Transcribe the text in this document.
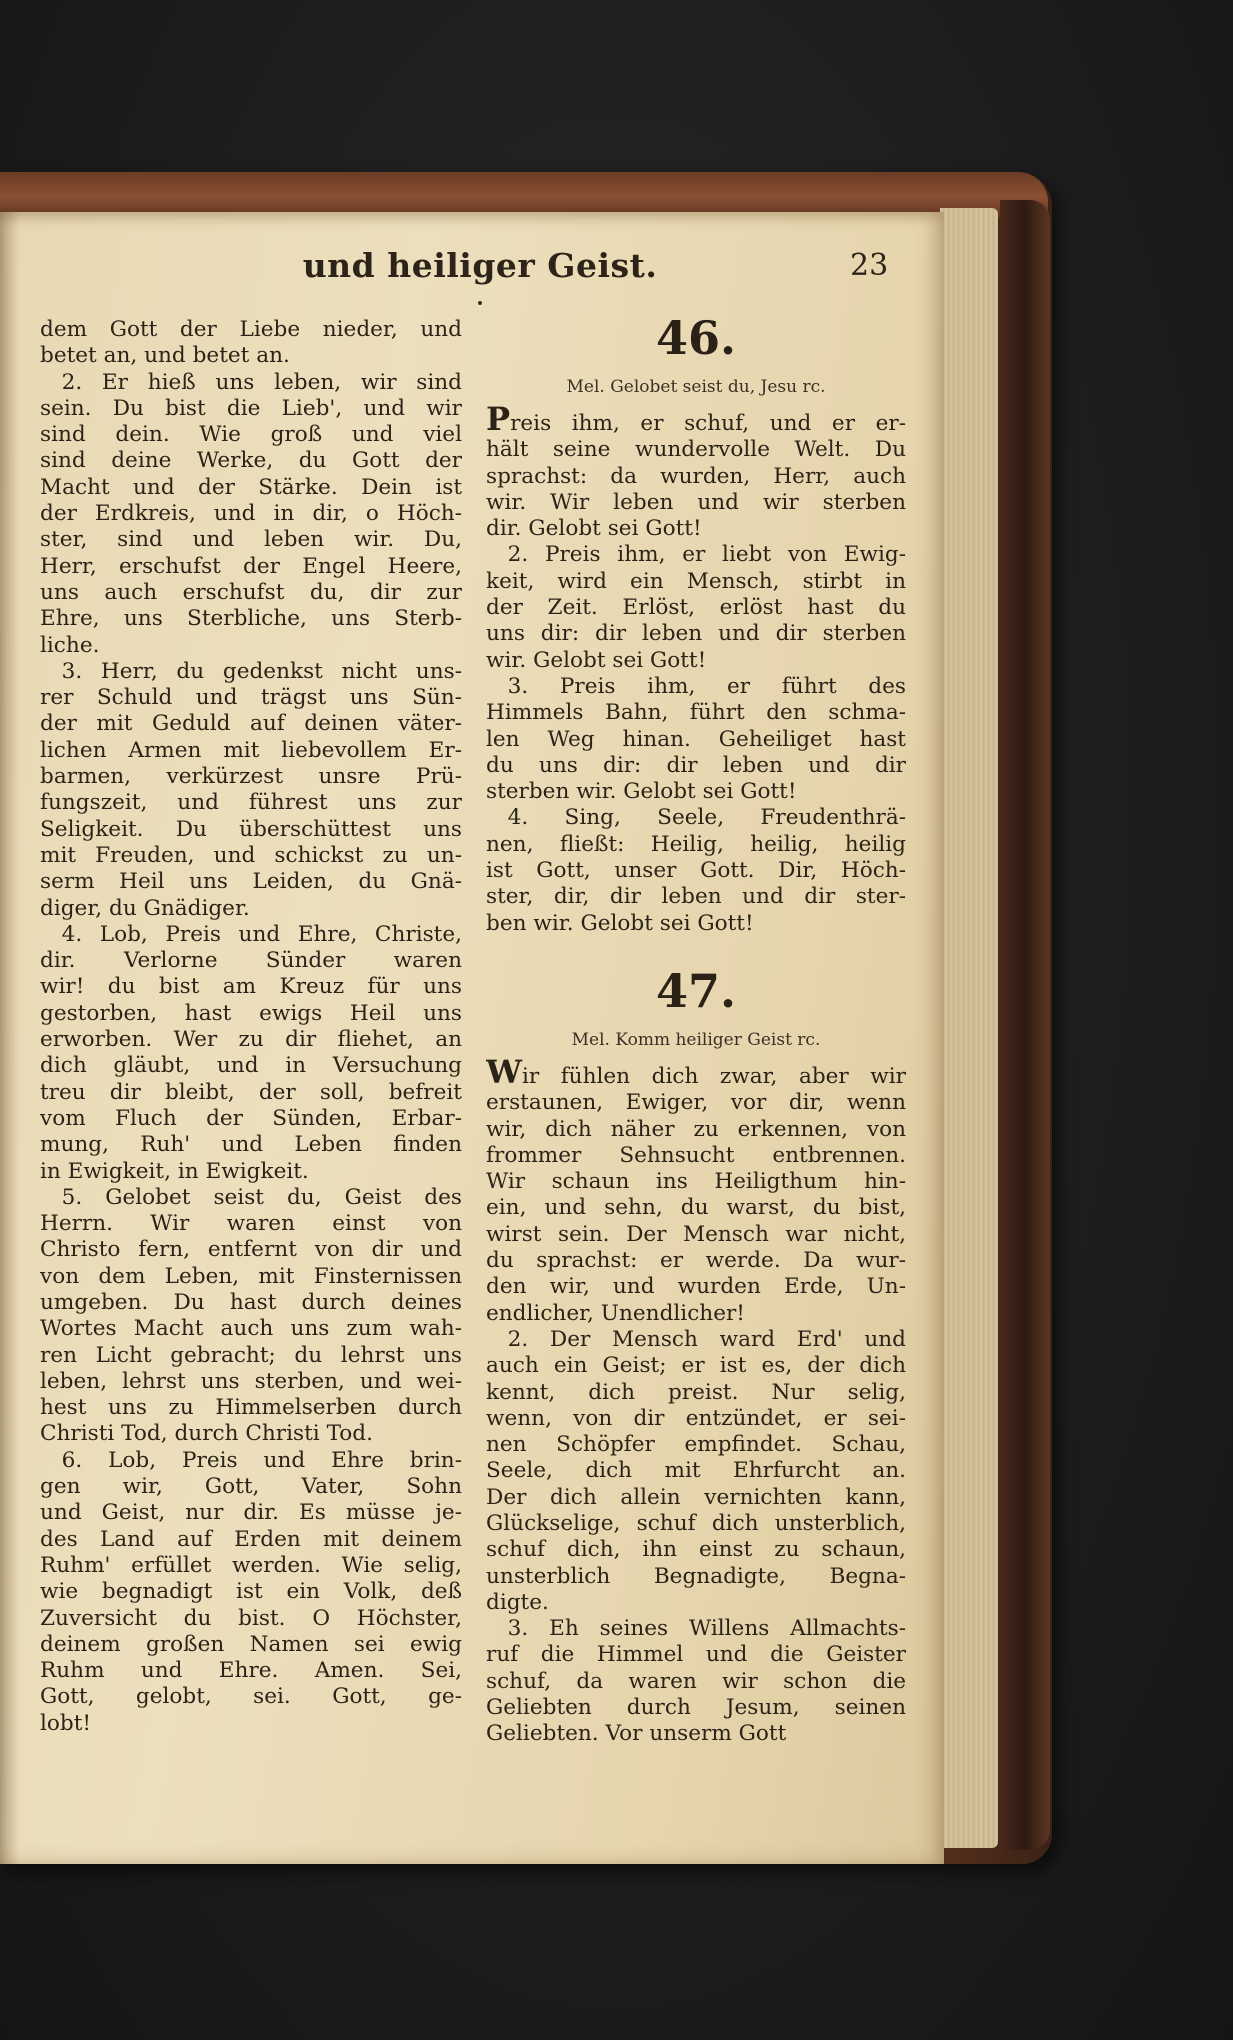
und heiliger Geist.	23
dem Gott der Liebe nieder, und
betet an, und betet an.
  2. Er hieß uns leben, wir sind
sein. Du bist die Lieb', und wir
sind dein. Wie groß und viel
sind deine Werke, du Gott der
Macht und der Stärke. Dein ist
der Erdkreis, und in dir, o Höch-
ster, sind und leben wir. Du,
Herr, erschufst der Engel Heere,
uns auch erschufst du, dir zur
Ehre, uns Sterbliche, uns Sterb-
liche.
  3. Herr, du gedenkst nicht uns-
rer Schuld und trägst uns Sün-
der mit Geduld auf deinen väter-
lichen Armen mit liebevollem Er-
barmen, verkürzest unsre Prü-
fungszeit, und führest uns zur
Seligkeit. Du überschüttest uns
mit Freuden, und schickst zu un-
serm Heil uns Leiden, du Gnä-
diger, du Gnädiger.
  4. Lob, Preis und Ehre, Christe,
dir. Verlorne Sünder waren
wir! du bist am Kreuz für uns
gestorben, hast ewigs Heil uns
erworben. Wer zu dir fliehet, an
dich gläubt, und in Versuchung
treu dir bleibt, der soll, befreit
vom Fluch der Sünden, Erbar-
mung, Ruh' und Leben finden
in Ewigkeit, in Ewigkeit.
  5. Gelobet seist du, Geist des
Herrn. Wir waren einst von
Christo fern, entfernt von dir und
von dem Leben, mit Finsternissen
umgeben. Du hast durch deines
Wortes Macht auch uns zum wah-
ren Licht gebracht; du lehrst uns
leben, lehrst uns sterben, und wei-
hest uns zu Himmelserben durch
Christi Tod, durch Christi Tod.
  6. Lob, Preis und Ehre brin-
gen wir, Gott, Vater, Sohn
und Geist, nur dir. Es müsse je-
des Land auf Erden mit deinem
Ruhm' erfüllet werden. Wie selig,
wie begnadigt ist ein Volk, deß
Zuversicht du bist. O Höchster,
deinem großen Namen sei ewig
Ruhm und Ehre. Amen. Sei,
Gott, gelobt, sei. Gott, ge-
lobt!
46.
Mel. Gelobet seist du, Jesu rc.
Preis ihm, er schuf, und er er-
hält seine wundervolle Welt. Du
sprachst: da wurden, Herr, auch
wir. Wir leben und wir sterben
dir. Gelobt sei Gott!
  2. Preis ihm, er liebt von Ewig-
keit, wird ein Mensch, stirbt in
der Zeit. Erlöst, erlöst hast du
uns dir: dir leben und dir sterben
wir. Gelobt sei Gott!
  3. Preis ihm, er führt des
Himmels Bahn, führt den schma-
len Weg hinan. Geheiliget hast
du uns dir: dir leben und dir
sterben wir. Gelobt sei Gott!
  4. Sing, Seele, Freudenthrä-
nen, fließt: Heilig, heilig, heilig
ist Gott, unser Gott. Dir, Höch-
ster, dir, dir leben und dir ster-
ben wir. Gelobt sei Gott!
47.
Mel. Komm heiliger Geist rc.
Wir fühlen dich zwar, aber wir
erstaunen, Ewiger, vor dir, wenn
wir, dich näher zu erkennen, von
frommer Sehnsucht entbrennen.
Wir schaun ins Heiligthum hin-
ein, und sehn, du warst, du bist,
wirst sein. Der Mensch war nicht,
du sprachst: er werde. Da wur-
den wir, und wurden Erde, Un-
endlicher, Unendlicher!
  2. Der Mensch ward Erd' und
auch ein Geist; er ist es, der dich
kennt, dich preist. Nur selig,
wenn, von dir entzündet, er sei-
nen Schöpfer empfindet. Schau,
Seele, dich mit Ehrfurcht an.
Der dich allein vernichten kann,
Glückselige, schuf dich unsterblich,
schuf dich, ihn einst zu schaun,
unsterblich Begnadigte, Begna-
digte.
  3. Eh seines Willens Allmachts-
ruf die Himmel und die Geister
schuf, da waren wir schon die
Geliebten durch Jesum, seinen
Geliebten. Vor unserm Gott
